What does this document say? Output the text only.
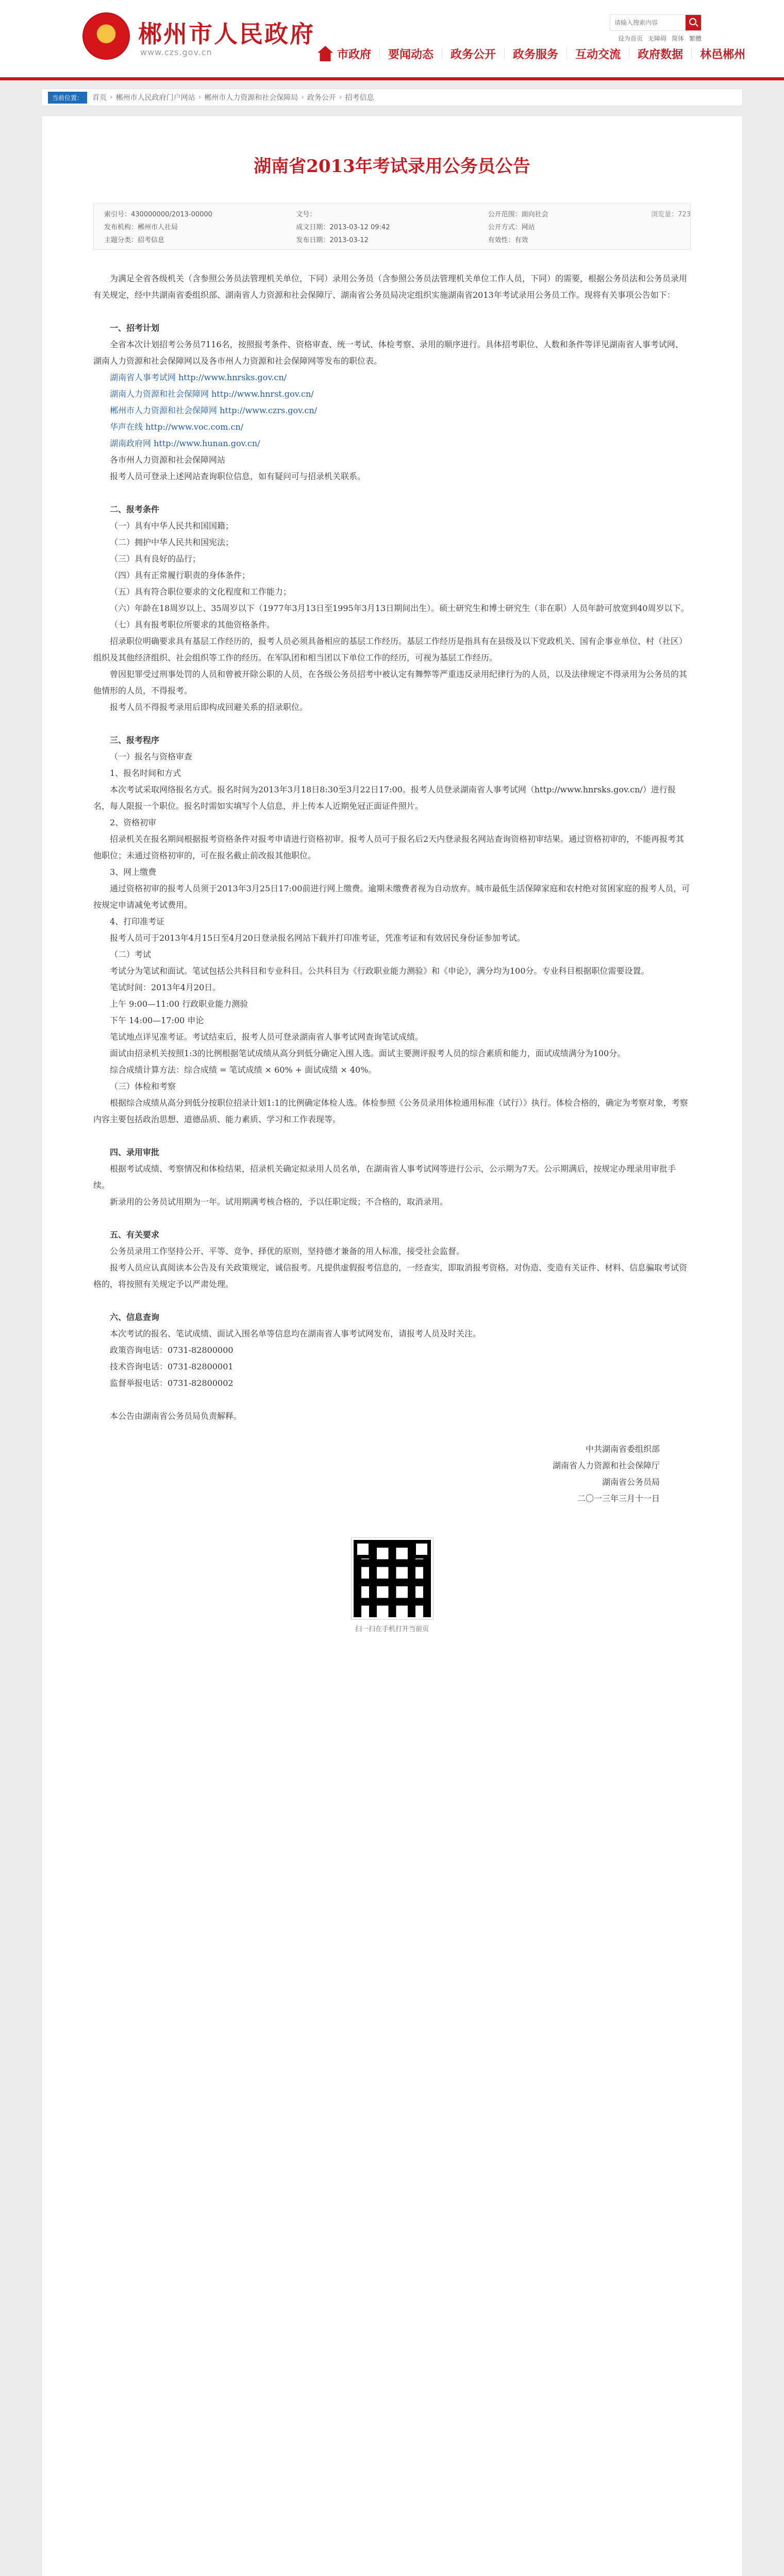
郴州市人民政府
www.czs.gov.cn
请输入搜索内容
设为首页 无障碍 简体 繁體
市政府	要闻动态	政务公开	政务服务	互动交流	政府数据	林邑郴州
当前位置：	首页 › 郴州市人民政府门户网站 › 郴州市人力资源和社会保障局 › 政务公开 › 招考信息
湖南省2013年考试录用公务员公告
浏览量：723
索引号：430000000/2013-00000	文号：	公开范围：面向社会
发布机构：郴州市人社局	成文日期：2013-03-12 09:42	公开方式：网站
主题分类：招考信息	发布日期：2013-03-12	有效性：有效

为满足全省各级机关（含参照公务员法管理机关单位，下同）录用公务员（含参照公务员法管理机关单位工作人员，下同）的需要，根据公务员法和公务员录用有关规定，经中共湖南省委组织部、湖南省人力资源和社会保障厅、湖南省公务员局决定组织实施湖南省2013年考试录用公务员工作。现将有关事项公告如下：

一、招考计划

全省本次计划招考公务员7116名，按照报考条件、资格审查、统一考试、体检考察、录用的顺序进行。具体招考职位、人数和条件等详见湖南省人事考试网、湖南人力资源和社会保障网以及各市州人力资源和社会保障网等发布的职位表。

湖南省人事考试网 http://www.hnrsks.gov.cn/

湖南人力资源和社会保障网 http://www.hnrst.gov.cn/

郴州市人力资源和社会保障网 http://www.czrs.gov.cn/

华声在线 http://www.voc.com.cn/

湖南政府网 http://www.hunan.gov.cn/

各市州人力资源和社会保障网站

报考人员可登录上述网站查询职位信息，如有疑问可与招录机关联系。

二、报考条件

（一）具有中华人民共和国国籍；

（二）拥护中华人民共和国宪法；

（三）具有良好的品行；

（四）具有正常履行职责的身体条件；

（五）具有符合职位要求的文化程度和工作能力；

（六）年龄在18周岁以上、35周岁以下（1977年3月13日至1995年3月13日期间出生）。硕士研究生和博士研究生（非在职）人员年龄可放宽到40周岁以下。

（七）具有报考职位所要求的其他资格条件。

招录职位明确要求具有基层工作经历的，报考人员必须具备相应的基层工作经历。基层工作经历是指具有在县级及以下党政机关、国有企事业单位、村（社区）组织及其他经济组织、社会组织等工作的经历。在军队团和相当团以下单位工作的经历，可视为基层工作经历。

曾因犯罪受过刑事处罚的人员和曾被开除公职的人员，在各级公务员招考中被认定有舞弊等严重违反录用纪律行为的人员，以及法律规定不得录用为公务员的其他情形的人员，不得报考。

报考人员不得报考录用后即构成回避关系的招录职位。

三、报考程序

（一）报名与资格审查

1、报名时间和方式

本次考试采取网络报名方式。报名时间为2013年3月18日8:30至3月22日17:00。报考人员登录湖南省人事考试网（http://www.hnrsks.gov.cn/）进行报名，每人限报一个职位。报名时需如实填写个人信息，并上传本人近期免冠正面证件照片。

2、资格初审

招录机关在报名期间根据报考资格条件对报考申请进行资格初审。报考人员可于报名后2天内登录报名网站查询资格初审结果。通过资格初审的，不能再报考其他职位；未通过资格初审的，可在报名截止前改报其他职位。

3、网上缴费

通过资格初审的报考人员须于2013年3月25日17:00前进行网上缴费。逾期未缴费者视为自动放弃。城市最低生活保障家庭和农村绝对贫困家庭的报考人员，可按规定申请减免考试费用。

4、打印准考证

报考人员可于2013年4月15日至4月20日登录报名网站下载并打印准考证，凭准考证和有效居民身份证参加考试。

（二）考试

考试分为笔试和面试。笔试包括公共科目和专业科目。公共科目为《行政职业能力测验》和《申论》，满分均为100分。专业科目根据职位需要设置。

笔试时间：2013年4月20日。

上午 9:00—11:00 行政职业能力测验

下午 14:00—17:00 申论

笔试地点详见准考证。考试结束后，报考人员可登录湖南省人事考试网查询笔试成绩。

面试由招录机关按照1:3的比例根据笔试成绩从高分到低分确定入围人选。面试主要测评报考人员的综合素质和能力，面试成绩满分为100分。

综合成绩计算方法：综合成绩 = 笔试成绩 × 60% + 面试成绩 × 40%。

（三）体检和考察

根据综合成绩从高分到低分按职位招录计划1:1的比例确定体检人选。体检参照《公务员录用体检通用标准（试行）》执行。体检合格的，确定为考察对象，考察内容主要包括政治思想、道德品质、能力素质、学习和工作表现等。

四、录用审批

根据考试成绩、考察情况和体检结果，招录机关确定拟录用人员名单，在湖南省人事考试网等进行公示，公示期为7天。公示期满后，按规定办理录用审批手续。

新录用的公务员试用期为一年。试用期满考核合格的，予以任职定级；不合格的，取消录用。

五、有关要求

公务员录用工作坚持公开、平等、竞争、择优的原则，坚持德才兼备的用人标准，接受社会监督。

报考人员应认真阅读本公告及有关政策规定，诚信报考。凡提供虚假报考信息的，一经查实，即取消报考资格。对伪造、变造有关证件、材料、信息骗取考试资格的，将按照有关规定予以严肃处理。

六、信息查询

本次考试的报名、笔试成绩、面试入围名单等信息均在湖南省人事考试网发布，请报考人员及时关注。

政策咨询电话：0731-82800000

技术咨询电话：0731-82800001

监督举报电话：0731-82800002

本公告由湖南省公务员局负责解释。

中共湖南省委组织部

湖南省人力资源和社会保障厅

湖南省公务员局

二〇一三年三月十一日

扫一扫在手机打开当前页
